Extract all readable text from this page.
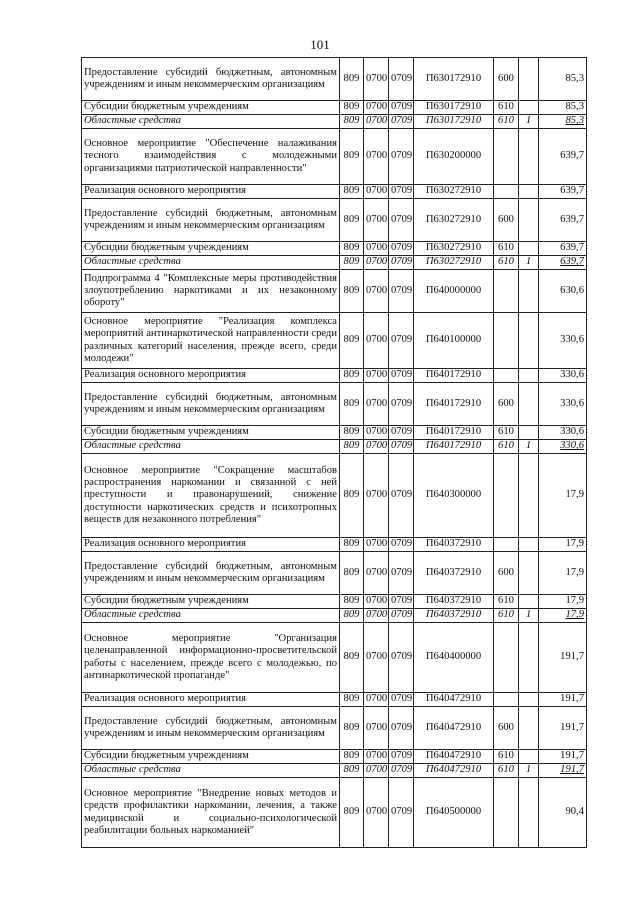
101
Предоставление субсидий бюджетным, автономным учреждениям и иным некоммерческим организациям	809	0700	0709	П630172910	600		85,3
Субсидии бюджетным учреждениям	809	0700	0709	П630172910	610		85,3
Областные средства	809	0700	0709	П630172910	610	1	85,3
Основное мероприятие "Обеспечение налаживания тесного взаимодействия с молодежными организациями патриотической направленности"	809	0700	0709	П630200000			639,7
Реализация основного мероприятия	809	0700	0709	П630272910			639,7
Предоставление субсидий бюджетным, автономным учреждениям и иным некоммерческим организациям	809	0700	0709	П630272910	600		639,7
Субсидии бюджетным учреждениям	809	0700	0709	П630272910	610		639,7
Областные средства	809	0700	0709	П630272910	610	1	639,7
Подпрограмма 4 "Комплексные меры противодействия злоупотреблению наркотиками и их незаконному обороту"	809	0700	0709	П640000000			630,6
Основное мероприятие "Реализация комплекса мероприятий антинаркотической направленности среди различных категорий населения, прежде всего, среди молодежи"	809	0700	0709	П640100000			330,6
Реализация основного мероприятия	809	0700	0709	П640172910			330,6
Предоставление субсидий бюджетным, автономным учреждениям и иным некоммерческим организациям	809	0700	0709	П640172910	600		330,6
Субсидии бюджетным учреждениям	809	0700	0709	П640172910	610		330,6
Областные средства	809	0700	0709	П640172910	610	1	330,6
Основное мероприятие "Сокращение масштабов распространения наркомании и связанной с ней преступности и правонарушений, снижение доступности наркотических средств и психотропных веществ для незаконного потребления"	809	0700	0709	П640300000			17,9
Реализация основного мероприятия	809	0700	0709	П640372910			17,9
Предоставление субсидий бюджетным, автономным учреждениям и иным некоммерческим организациям	809	0700	0709	П640372910	600		17,9
Субсидии бюджетным учреждениям	809	0700	0709	П640372910	610		17,9
Областные средства	809	0700	0709	П640372910	610	1	17,9
Основное мероприятие "Организация целенаправленной информационно-просветительской работы с населением, прежде всего с молодежью, по антинаркотической пропаганде"	809	0700	0709	П640400000			191,7
Реализация основного мероприятия	809	0700	0709	П640472910			191,7
Предоставление субсидий бюджетным, автономным учреждениям и иным некоммерческим организациям	809	0700	0709	П640472910	600		191,7
Субсидии бюджетным учреждениям	809	0700	0709	П640472910	610		191,7
Областные средства	809	0700	0709	П640472910	610	1	191,7
Основное мероприятие "Внедрение новых методов и средств профилактики наркомании, лечения, а также медицинской и социально-психологической реабилитации больных наркоманией"	809	0700	0709	П640500000			90,4
